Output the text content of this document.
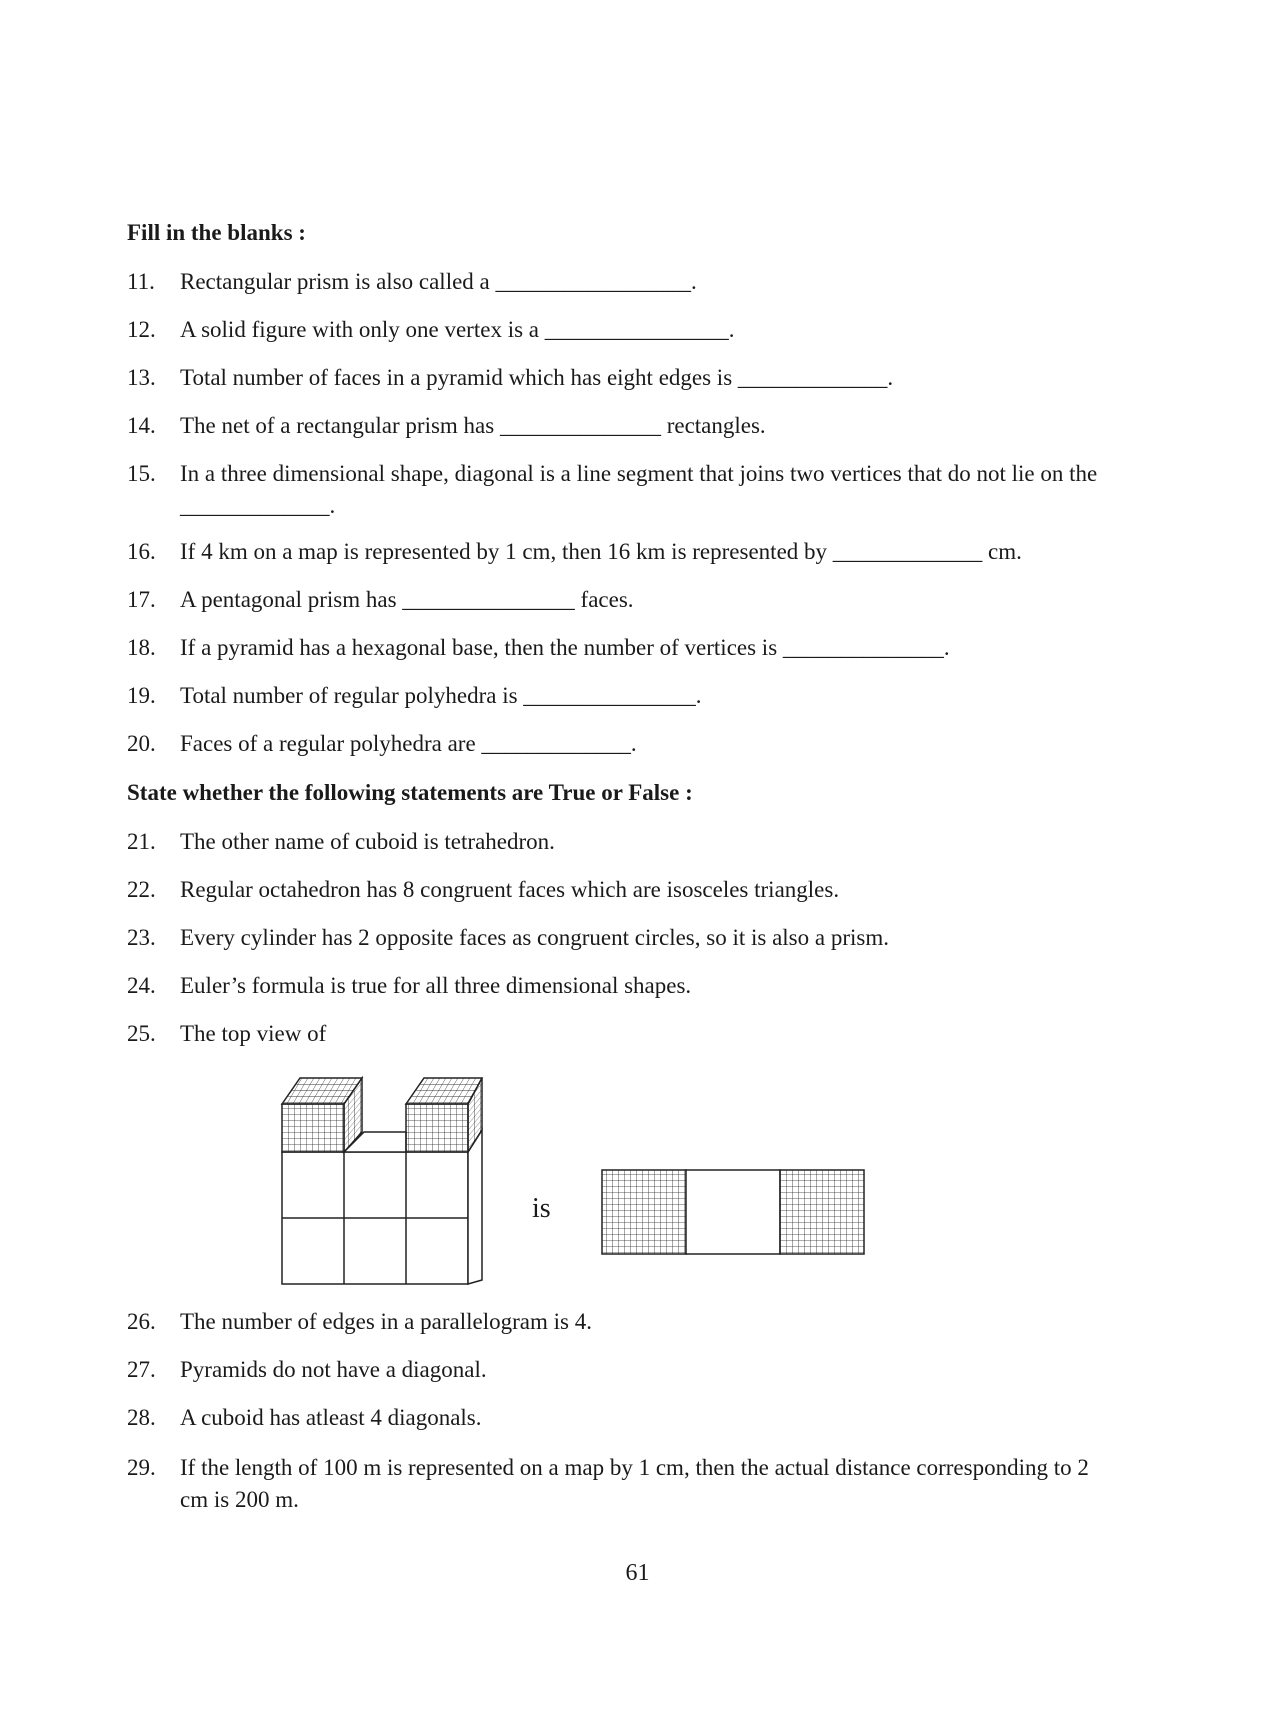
Fill in the blanks :
11. Rectangular prism is also called a _________________.
12. A solid figure with only one vertex is a ________________.
13. Total number of faces in a pyramid which has eight edges is _____________.
14. The net of a rectangular prism has ______________ rectangles.
15. In a three dimensional shape, diagonal is a line segment that joins two vertices that do not lie on the
_____________.
16. If 4 km on a map is represented by 1 cm, then 16 km is represented by _____________ cm.
17. A pentagonal prism has _______________ faces.
18. If a pyramid has a hexagonal base, then the number of vertices is ______________.
19. Total number of regular polyhedra is _______________.
20. Faces of a regular polyhedra are _____________.
State whether the following statements are True or False :
21. The other name of cuboid is tetrahedron.
22. Regular octahedron has 8 congruent faces which are isosceles triangles.
23. Every cylinder has 2 opposite faces as congruent circles, so it is also a prism.
24. Euler’s formula is true for all three dimensional shapes.
25. The top view of
is
26. The number of edges in a parallelogram is 4.
27. Pyramids do not have a diagonal.
28. A cuboid has atleast 4 diagonals.
29. If the length of 100 m is represented on a map by 1 cm, then the actual distance corresponding to 2
cm is 200 m.
61
